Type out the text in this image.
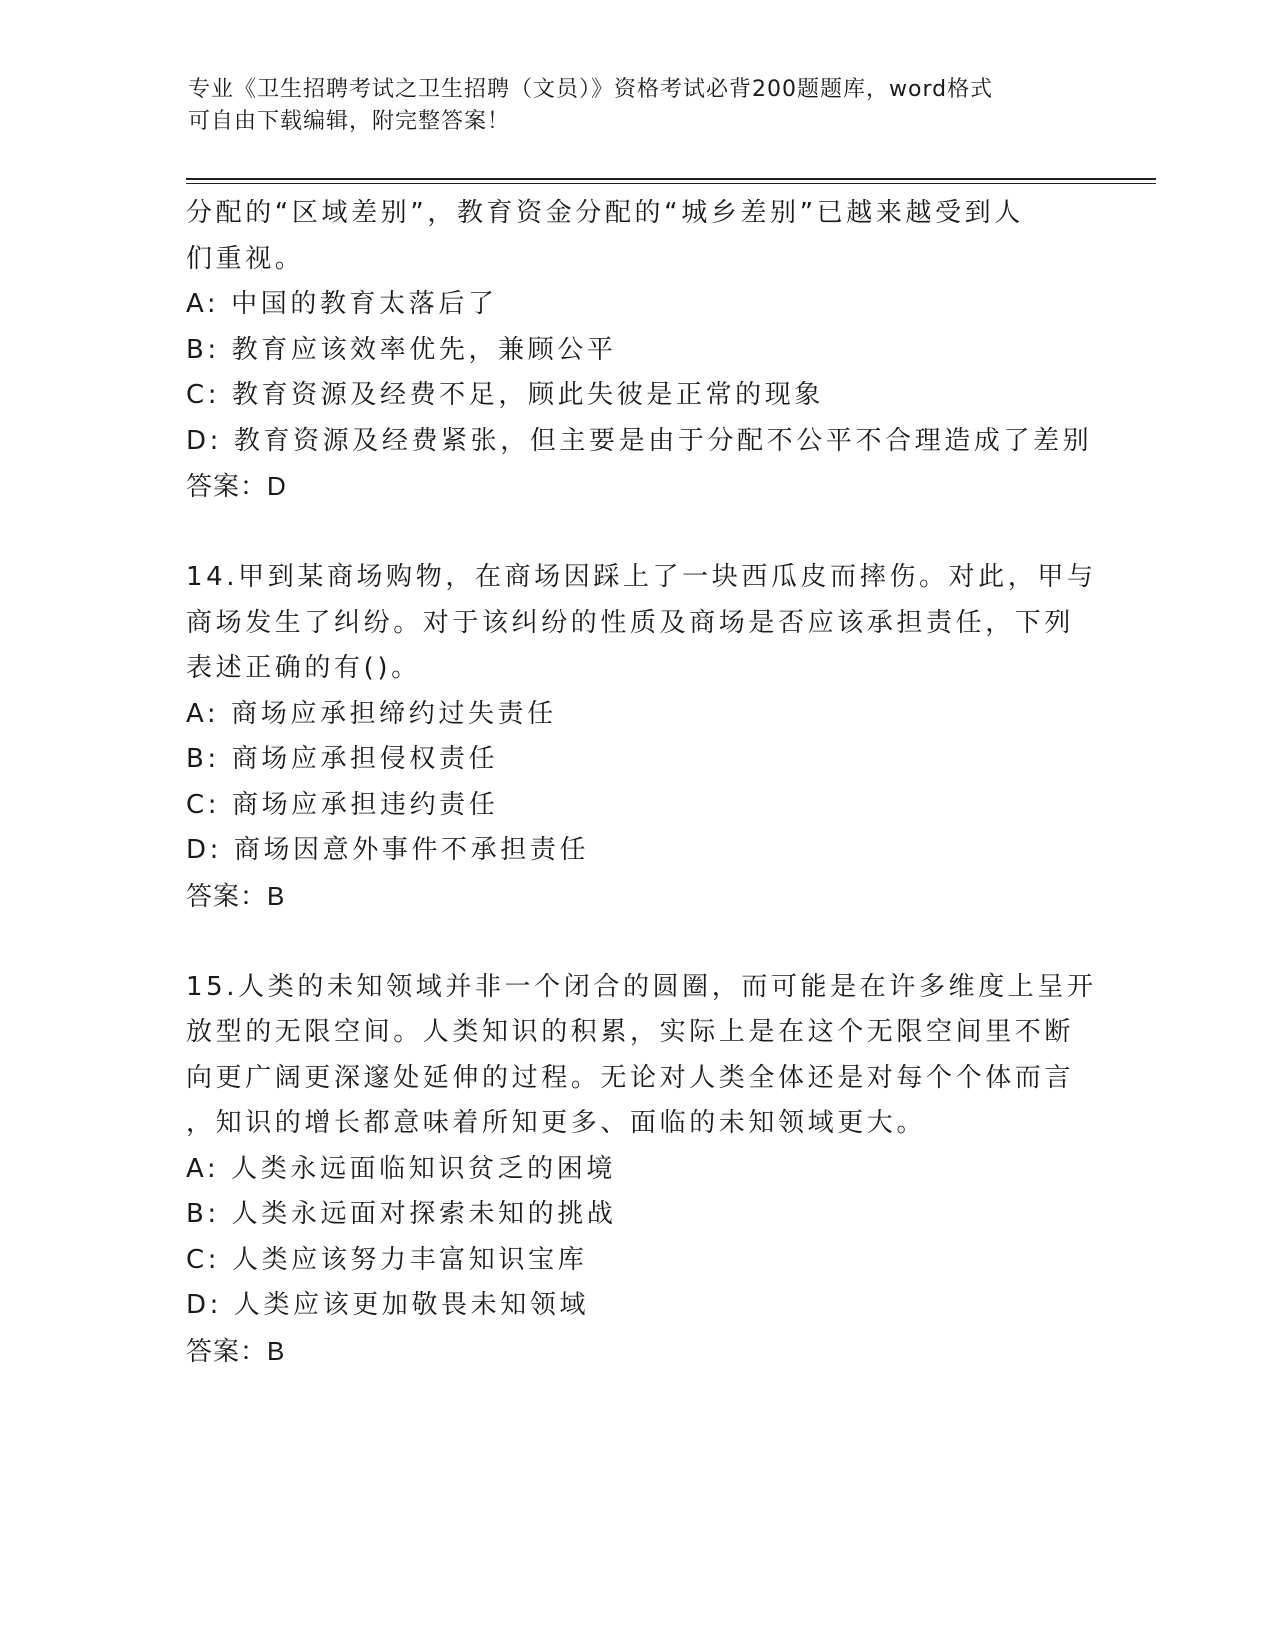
专业《卫生招聘考试之卫生招聘（文员）》资格考试必背200题题库，word格式
可自由下载编辑，附完整答案！
分配的“区域差别”，教育资金分配的“城乡差别”已越来越受到人
们重视。
A: 中国的教育太落后了
B: 教育应该效率优先，兼顾公平
C: 教育资源及经费不足，顾此失彼是正常的现象
D: 教育资源及经费紧张，但主要是由于分配不公平不合理造成了差别
答案：D
14.甲到某商场购物，在商场因踩上了一块西瓜皮而摔伤。对此，甲与
商场发生了纠纷。对于该纠纷的性质及商场是否应该承担责任，下列
表述正确的有()。
A: 商场应承担缔约过失责任
B: 商场应承担侵权责任
C: 商场应承担违约责任
D: 商场因意外事件不承担责任
答案：B
15.人类的未知领域并非一个闭合的圆圈，而可能是在许多维度上呈开
放型的无限空间。人类知识的积累，实际上是在这个无限空间里不断
向更广阔更深邃处延伸的过程。无论对人类全体还是对每个个体而言
，知识的增长都意味着所知更多、面临的未知领域更大。
A: 人类永远面临知识贫乏的困境
B: 人类永远面对探索未知的挑战
C: 人类应该努力丰富知识宝库
D: 人类应该更加敬畏未知领域
答案：B
